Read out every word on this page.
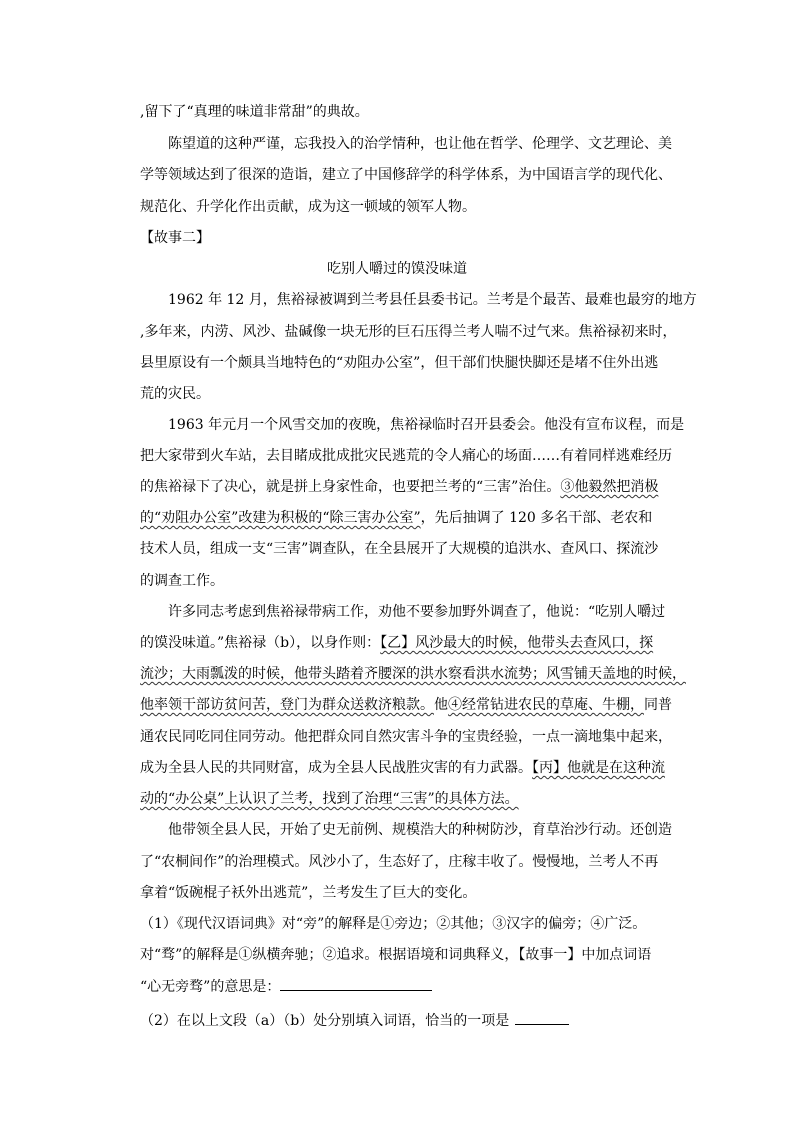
,留下了“真理的味道非常甜”的典故。
陈望道的这种严谨，忘我投入的治学情种，也让他在哲学、伦理学、文艺理论、美
学等领域达到了很深的造诣，建立了中国修辞学的科学体系，为中国语言学的现代化、
规范化、升学化作出贡献，成为这一顿域的领军人物。
【故事二】
吃别人嚼过的馍没味道
1962 年 12 月，焦裕禄被调到兰考县任县委书记。兰考是个最苦、最难也最穷的地方
,多年来，内涝、风沙、盐碱像一块无形的巨石压得兰考人喘不过气来。焦裕禄初来时，
县里原设有一个颇具当地特色的“劝阻办公室”，但干部们快腿快脚还是堵不住外出逃
荒的灾民。
1963 年元月一个风雪交加的夜晚，焦裕禄临时召开县委会。他没有宣布议程，而是
把大家带到火车站，去目睹成批成批灾民逃荒的令人痛心的场面……有着同样逃难经历
的焦裕禄下了决心，就是拼上身家性命，也要把兰考的“三害”治住。③他毅然把消极
的“劝阻办公室”改建为积极的“除三害办公室”，先后抽调了 120 多名干部、老农和
技术人员，组成一支“三害”调查队，在全县展开了大规模的追洪水、查风口、探流沙
的调查工作。
许多同志考虑到焦裕禄带病工作，劝他不要参加野外调查了，他说：“吃别人嚼过
的馍没味道。”焦裕禄（b），以身作则：【乙】风沙最大的时候，他带头去查风口，探
流沙；大雨瓢泼的时候，他带头踏着齐腰深的洪水察看洪水流势；风雪铺天盖地的时候，
他率领干部访贫问苦，登门为群众送救济粮款。他④经常钻进农民的草庵、牛棚，同普
通农民同吃同住同劳动。他把群众同自然灾害斗争的宝贵经验，一点一滴地集中起来，
成为全县人民的共同财富，成为全县人民战胜灾害的有力武器。【丙】他就是在这种流
动的“办公桌”上认识了兰考，找到了治理“三害”的具体方法。
他带领全县人民，开始了史无前例、规模浩大的种树防沙，育草治沙行动。还创造
了“农桐间作”的治理模式。风沙小了，生态好了，庄稼丰收了。慢慢地，兰考人不再
拿着“饭碗棍子袄外出逃荒”，兰考发生了巨大的变化。
（1）《现代汉语词典》对“旁”的解释是①旁边；②其他；③汉字的偏旁；④广泛。
对“骛”的解释是①纵横奔驰；②追求。根据语境和词典释义，【故事一】中加点词语
“心无旁骛”的意思是：
（2）在以上文段（a）（b）处分别填入词语，恰当的一项是
